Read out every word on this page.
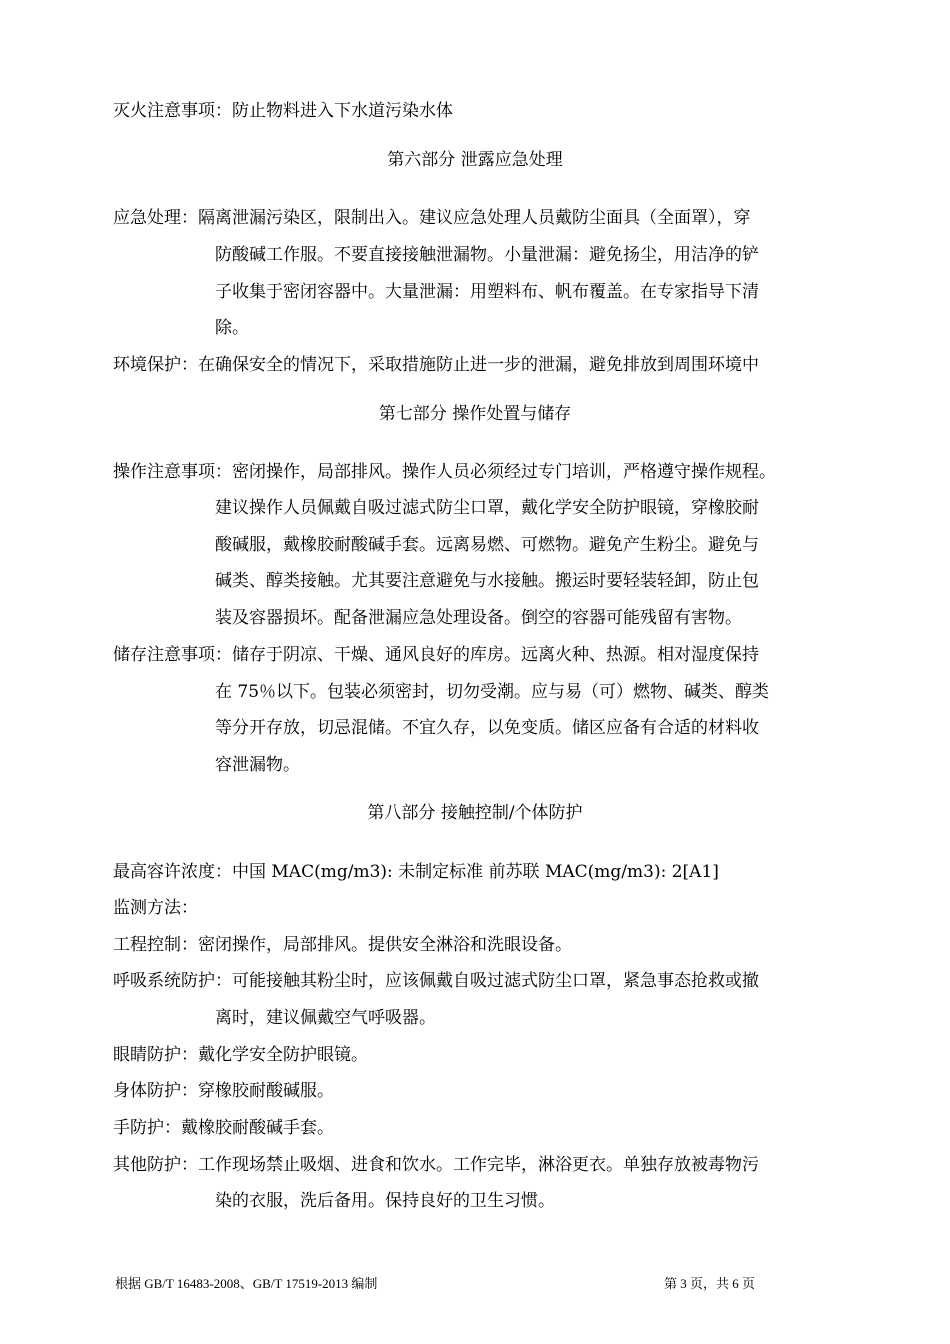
灭火注意事项：防止物料进入下水道污染水体
第六部分 泄露应急处理
应急处理：隔离泄漏污染区，限制出入。建议应急处理人员戴防尘面具（全面罩），穿
防酸碱工作服。不要直接接触泄漏物。小量泄漏：避免扬尘，用洁净的铲
子收集于密闭容器中。大量泄漏：用塑料布、帆布覆盖。在专家指导下清
除。
环境保护：在确保安全的情况下，采取措施防止进一步的泄漏，避免排放到周围环境中
第七部分 操作处置与储存
操作注意事项：密闭操作，局部排风。操作人员必须经过专门培训，严格遵守操作规程。
建议操作人员佩戴自吸过滤式防尘口罩，戴化学安全防护眼镜，穿橡胶耐
酸碱服，戴橡胶耐酸碱手套。远离易燃、可燃物。避免产生粉尘。避免与
碱类、醇类接触。尤其要注意避免与水接触。搬运时要轻装轻卸，防止包
装及容器损坏。配备泄漏应急处理设备。倒空的容器可能残留有害物。
储存注意事项：储存于阴凉、干燥、通风良好的库房。远离火种、热源。相对湿度保持
在 75％以下。包装必须密封，切勿受潮。应与易（可）燃物、碱类、醇类
等分开存放，切忌混储。不宜久存，以免变质。储区应备有合适的材料收
容泄漏物。
第八部分 接触控制/个体防护
最高容许浓度：中国 MAC(mg/m3): 未制定标准 前苏联 MAC(mg/m3): 2[A1]
监测方法：
工程控制：密闭操作，局部排风。提供安全淋浴和洗眼设备。
呼吸系统防护：可能接触其粉尘时，应该佩戴自吸过滤式防尘口罩，紧急事态抢救或撤
离时，建议佩戴空气呼吸器。
眼睛防护：戴化学安全防护眼镜。
身体防护：穿橡胶耐酸碱服。
手防护：戴橡胶耐酸碱手套。
其他防护：工作现场禁止吸烟、进食和饮水。工作完毕，淋浴更衣。单独存放被毒物污
染的衣服，洗后备用。保持良好的卫生习惯。
根据 GB/T 16483-2008、GB/T 17519-2013 编制	第 3 页，共 6 页
